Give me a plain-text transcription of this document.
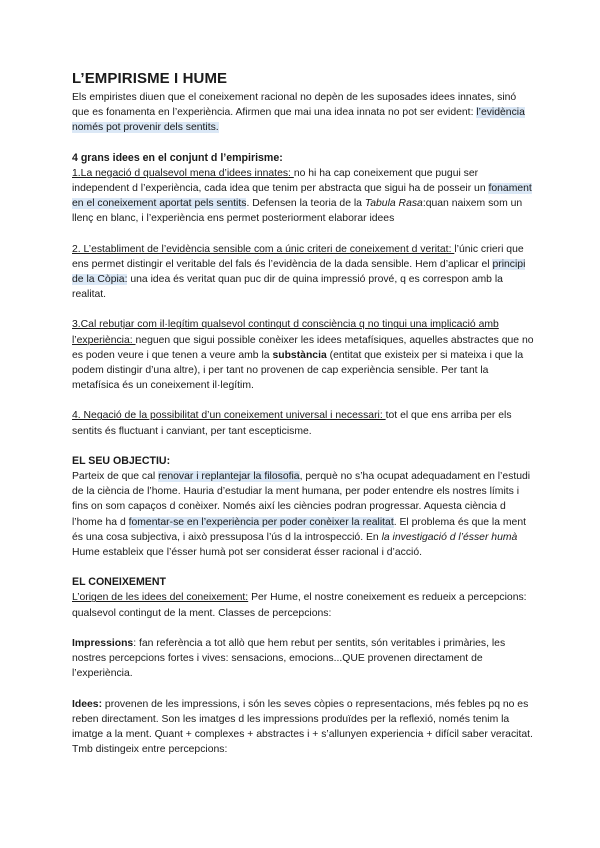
L’EMPIRISME I HUME

Els empiristes diuen que el coneixement racional no depèn de les suposades idees innates, sinó que es fonamenta en l’experiència. Afirmen que mai una idea innata no pot ser evident: l’evidència només pot provenir dels sentits.

4 grans idees en el conjunt d l’empirisme:

1.La negació d qualsevol mena d’idees innates: no hi ha cap coneixement que pugui ser independent d l’experiència, cada idea que tenim per abstracta que sigui ha de posseir un fonament en el coneixement aportat pels sentits. Defensen la teoria de la Tabula Rasa:quan naixem som un llenç en blanc, i l’experiència ens permet posteriorment elaborar idees

2. L’establiment de l’evidència sensible com a únic criteri de coneixement d veritat: l’únic crieri que ens permet distingir el veritable del fals és l’evidència de la dada sensible. Hem d’aplicar el principi de la Còpia: una idea és veritat quan puc dir de quina impressió prové, q es correspon amb la realitat.

3.Cal rebutjar com il·legítim qualsevol contingut d consciència q no tingui una implicació amb l’experiència: neguen que sigui possible conèixer les idees metafísiques, aquelles abstractes que no es poden veure i que tenen a veure amb la substància (entitat que existeix per si mateixa i que la podem distingir d’una altre), i per tant no provenen de cap experiència sensible. Per tant la metafísica és un coneixement il·legítim.

4. Negació de la possibilitat d’un coneixement universal i necessari: tot el que ens arriba per els sentits és fluctuant i canviant, per tant escepticisme.

EL SEU OBJECTIU:

Parteix de que cal renovar i replantejar la filosofia, perquè no s’ha ocupat adequadament en l’estudi de la ciència de l’home. Hauria d’estudiar la ment humana, per poder entendre els nostres límits i fins on som capaços d conèixer. Només així les ciències podran progressar. Aquesta ciència d l’home ha d fomentar-se en l’experiència per poder conèixer la realitat. El problema és que la ment és una cosa subjectiva, i això pressuposa l’ús d la introspecció. En la investigació d l’ésser humà Hume estableix que l’ésser humà pot ser considerat ésser racional i d’acció.

EL CONEIXEMENT

L’origen de les idees del coneixement: Per Hume, el nostre coneixement es redueix a percepcions: qualsevol contingut de la ment. Classes de percepcions:

Impressions: fan referència a tot allò que hem rebut per sentits, són veritables i primàries, les nostres percepcions fortes i vives: sensacions, emocions...QUE provenen directament de l’experiència.

Idees: provenen de les impressions, i són les seves còpies o representacions, més febles pq no es reben directament. Son les imatges d les impressions produïdes per la reflexió, només tenim la imatge a la ment. Quant + complexes + abstractes i + s’allunyen experiencia + difícil saber veracitat.

Tmb distingeix entre percepcions:
